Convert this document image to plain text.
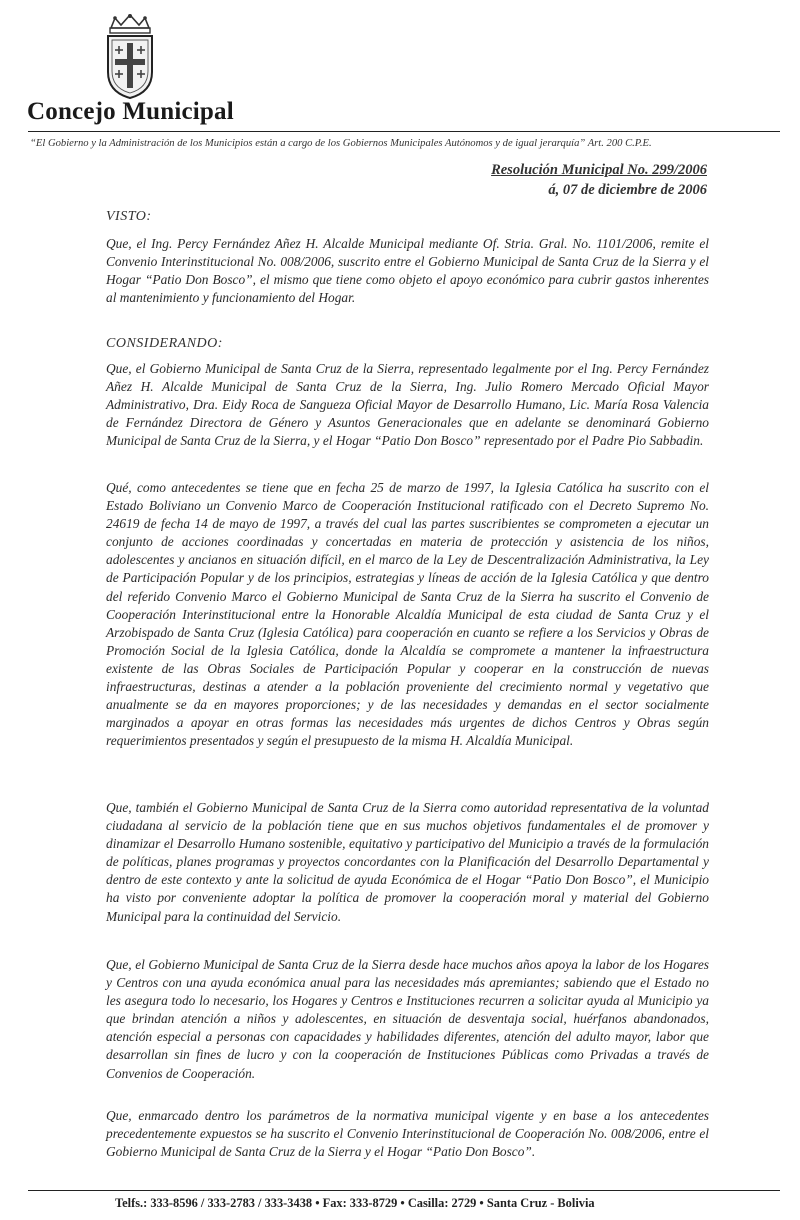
Concejo Municipal
“El Gobierno y la Administración de los Municipios están a cargo de los Gobiernos Municipales Autónomos y de igual jerarquía” Art. 200 C.P.E.
Resolución Municipal No. 299/2006
á, 07 de diciembre de 2006
VISTO:

Que, el Ing. Percy Fernández Añez H. Alcalde Municipal mediante Of. Stria. Gral. No. 1101/2006, remite el Convenio Interinstitucional No. 008/2006, suscrito entre el Gobierno Municipal de Santa Cruz de la Sierra y el Hogar “Patio Don Bosco”, el mismo que tiene como objeto el apoyo económico para cubrir gastos inherentes al mantenimiento y funcionamiento del Hogar.

CONSIDERANDO:

Que, el Gobierno Municipal de Santa Cruz de la Sierra, representado legalmente por el Ing. Percy Fernández Añez H. Alcalde Municipal de Santa Cruz de la Sierra, Ing. Julio Romero Mercado Oficial Mayor Administrativo, Dra. Eidy Roca de Sangueza Oficial Mayor de Desarrollo Humano, Lic. María Rosa Valencia de Fernández Directora de Género y Asuntos Generacionales que en adelante se denominará Gobierno Municipal de Santa Cruz de la Sierra, y el Hogar “Patio Don Bosco” representado por el Padre Pio Sabbadin.

Qué, como antecedentes se tiene que en fecha 25 de marzo de 1997, la Iglesia Católica ha suscrito con el Estado Boliviano un Convenio Marco de Cooperación Institucional ratificado con el Decreto Supremo No. 24619 de fecha 14 de mayo de 1997, a través del cual las partes suscribientes se comprometen a ejecutar un conjunto de acciones coordinadas y concertadas en materia de protección y asistencia de los niños, adolescentes y ancianos en situación difícil, en el marco de la Ley de Descentralización Administrativa, la Ley de Participación Popular y de los principios, estrategias y líneas de acción de la Iglesia Católica y que dentro del referido Convenio Marco el Gobierno Municipal de Santa Cruz de la Sierra ha suscrito el Convenio de Cooperación Interinstitucional entre la Honorable Alcaldía Municipal de esta ciudad de Santa Cruz y el Arzobispado de Santa Cruz (Iglesia Católica) para cooperación en cuanto se refiere a los Servicios y Obras de Promoción Social de la Iglesia Católica, donde la Alcaldía se compromete a mantener la infraestructura existente de las Obras Sociales de Participación Popular y cooperar en la construcción de nuevas infraestructuras, destinas a atender a la población proveniente del crecimiento normal y vegetativo que anualmente se da en mayores proporciones; y de las necesidades y demandas en el sector socialmente marginados a apoyar en otras formas las necesidades más urgentes de dichos Centros y Obras según requerimientos presentados y según el presupuesto de la misma H. Alcaldía Municipal.

Que, también el Gobierno Municipal de Santa Cruz de la Sierra como autoridad representativa de la voluntad ciudadana al servicio de la población tiene que en sus muchos objetivos fundamentales el de promover y dinamizar el Desarrollo Humano sostenible, equitativo y participativo del Municipio a través de la formulación de políticas, planes programas y proyectos concordantes con la Planificación del Desarrollo Departamental y dentro de este contexto y ante la solicitud de ayuda Económica de el Hogar “Patio Don Bosco”, el Municipio ha visto por conveniente adoptar la política de promover la cooperación moral y material del Gobierno Municipal para la continuidad del Servicio.

Que, el Gobierno Municipal de Santa Cruz de la Sierra desde hace muchos años apoya la labor de los Hogares y Centros con una ayuda económica anual para las necesidades más apremiantes; sabiendo que el Estado no les asegura todo lo necesario, los Hogares y Centros e Instituciones recurren a solicitar ayuda al Municipio ya que brindan atención a niños y adolescentes, en situación de desventaja social, huérfanos abandonados, atención especial a personas con capacidades y habilidades diferentes, atención del adulto mayor, labor que desarrollan sin fines de lucro y con la cooperación de Instituciones Públicas como Privadas a través de Convenios de Cooperación.

Que, enmarcado dentro los parámetros de la normativa municipal vigente y en base a los antecedentes precedentemente expuestos se ha suscrito el Convenio Interinstitucional de Cooperación No. 008/2006, entre el Gobierno Municipal de Santa Cruz de la Sierra y el Hogar “Patio Don Bosco”.

Telfs.: 333-8596 / 333-2783 / 333-3438 • Fax: 333-8729 • Casilla: 2729 • Santa Cruz - Bolivia
